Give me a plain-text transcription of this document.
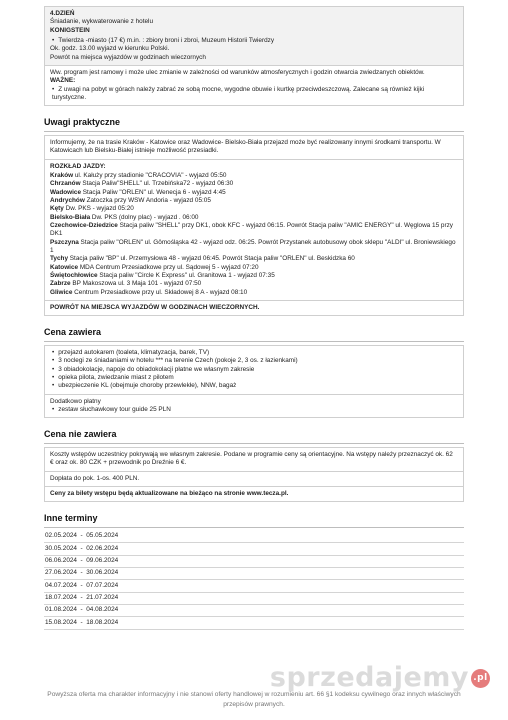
4.DZIEŃ
Śniadanie, wykwaterowanie z hotelu
KONIGSTEIN
• Twierdza -miasto (17 €) m.in. : zbiory broni i zbroi, Muzeum Historii Twierdzy
Ok. godz. 13.00 wyjazd w kierunku Polski.
Powrót na miejsca wyjazdów w godzinach wieczornych
Ww. program jest ramowy i może ulec zmianie w zależności od warunków atmosferycznych i godzin otwarcia zwiedzanych obiektów.
WAŻNE:
• Z uwagi na pobyt w górach należy zabrać ze sobą mocne, wygodne obuwie i kurtkę przeciwdeszczową. Zalecane są również kijki turystyczne.
Uwagi praktyczne
Informujemy, że na trasie Kraków - Katowice oraz Wadowice- Bielsko-Biała przejazd może być realizowany innymi środkami transportu. W Katowicach lub Bielsku-Białej istnieje możliwość przesiadki.
ROZKŁAD JAZDY:
Kraków ul. Kałuży przy stadionie "CRACOVIA" - wyjazd 05:50
Chrzanów Stacja Paliw"SHELL" ul. Trzebińska72 - wyjazd 06:30
Wadowice Stacja Paliw "ORLEN" ul. Wenecja 6 - wyjazd 4:45
Andrychów Zatoczka przy WSW Andoria - wyjazd 05:05
Kęty Dw. PKS - wyjazd 05:20
Bielsko-Biała Dw. PKS (dolny plac) - wyjazd . 06:00
Czechowice-Dziedzice Stacja paliw "SHELL" przy DK1, obok KFC - wyjazd 06:15. Powrót Stacja paliw "AMIC ENERGY" ul. Węglowa 15 przy DK1
Pszczyna Stacja paliw "ORLEN" ul. Gômośląska 42 - wyjazd odz. 06:25. Powrót Przystanek autobusowy obok sklepu "ALDI" ul. Broniewskiego 1
Tychy Stacja paliw "BP" ul. Przemysłowa 48 - wyjazd 06:45. Powrót Stacja paliw "ORLEN" ul. Beskidzka 60
Katowice MDA Centrum Przesiadkowe przy ul. Sądowej 5 - wyjazd 07:20
Świętochłowice Stacja paliw "Circle K Express" ul. Granitowa 1 - wyjazd 07:35
Zabrze BP Makoszowa ul. 3 Maja 101 - wyjazd 07:50
Gliwice Centrum Przesiadkowe przy ul. Składowej 8 A - wyjazd 08:10
POWRÓT NA MIEJSCA WYJAZDÓW W GODZINACH WIECZORNYCH.
Cena zawiera
• przejazd autokarem (toaleta, klimatyzacja, barek, TV)
• 3 noclegi ze śniadaniami w hotelu *** na terenie Czech (pokoje 2, 3 os. z łazienkami)
• 3 obiadokolacje, napoje do obiadokolacji płatne we własnym zakresie
• opieka pilota, zwiedzanie miast z pilotem
• ubezpieczenie KL (obejmuje choroby przewlekłe), NNW, bagaż
Dodatkowo płatny
• zestaw słuchawkowy tour guide 25 PLN
Cena nie zawiera
Koszty wstępów uczestnicy pokrywają we własnym zakresie. Podane w programie ceny są orientacyjne. Na wstępy należy przeznaczyć ok. 62 € oraz ok. 80 CZK + przewodnik po Dreźnie 6 €.
Dopłata do pok. 1-os. 400 PLN.
Ceny za bilety wstępu będą aktualizowane na bieżąco na stronie www.tecza.pl.
Inne terminy
02.05.2024  -  05.05.2024
30.05.2024  -  02.06.2024
06.06.2024  -  09.06.2024
27.06.2024  -  30.06.2024
04.07.2024  -  07.07.2024
18.07.2024  -  21.07.2024
01.08.2024  -  04.08.2024
15.08.2024  -  18.08.2024
sprzedajemy .pl
Powyższa oferta ma charakter informacyjny i nie stanowi oferty handlowej w rozumieniu art. 66 §1 kodeksu cywilnego oraz innych właściwych przepisów prawnych.
